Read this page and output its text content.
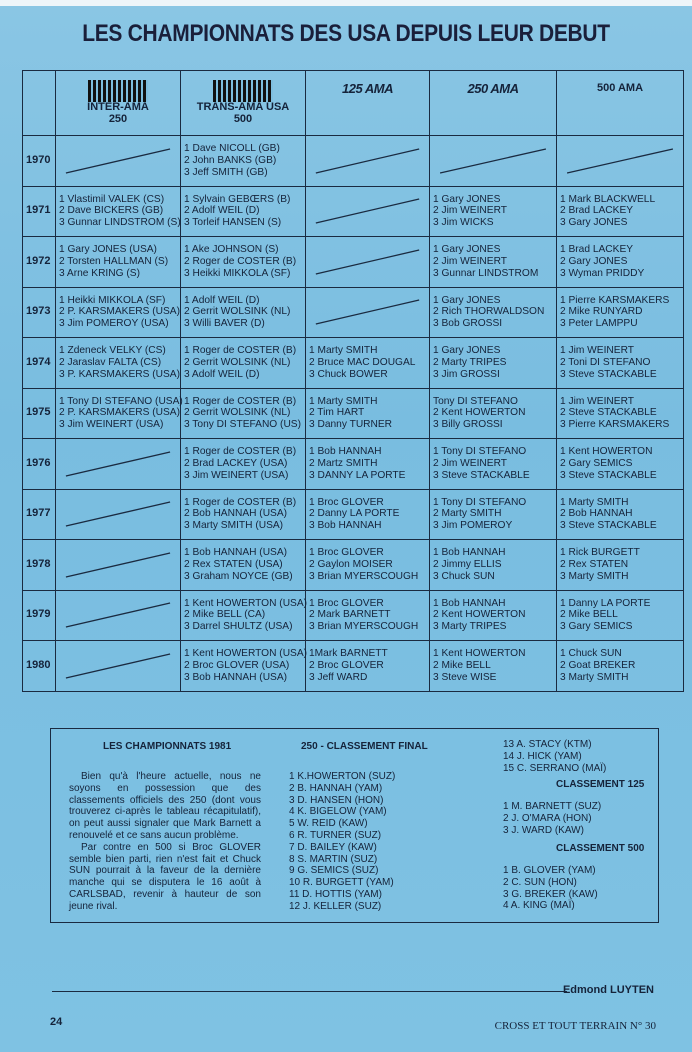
LES CHAMPIONNATS DES USA DEPUIS LEUR DEBUT

	INTER-AMA
250	TRANS-AMA USA
500	125 AMA	250 AMA	500 AMA

1970		1 Dave NICOLL (GB)
2 John BANKS (GB)
3 Jeff SMITH (GB)

1971	1 Vlastimil VALEK (CS)
2 Dave BICKERS (GB)
3 Gunnar LINDSTROM (S)	1 Sylvain GEBŒRS (B)
2 Adolf WEIL (D)
3 Torleif HANSEN (S)		1 Gary JONES
2 Jim WEINERT
3 Jim WICKS	1 Mark BLACKWELL
2 Brad LACKEY
3 Gary JONES

1972	1 Gary JONES (USA)
2 Torsten HALLMAN (S)
3 Arne KRING (S)	1 Ake JOHNSON (S)
2 Roger de COSTER (B)
3 Heikki MIKKOLA (SF)		1 Gary JONES
2 Jim WEINERT
3 Gunnar LINDSTROM	1 Brad LACKEY
2 Gary JONES
3 Wyman PRIDDY

1973	1 Heikki MIKKOLA (SF)
2 P. KARSMAKERS (USA)
3 Jim POMEROY (USA)	1 Adolf WEIL (D)
2 Gerrit WOLSINK (NL)
3 Willi BAVER (D)		1 Gary JONES
2 Rich THORWALDSON
3 Bob GROSSI	1 Pierre KARSMAKERS
2 Mike RUNYARD
3 Peter LAMPPU

1974	1 Zdeneck VELKY (CS)
2 Jaraslav FALTA (CS)
3 P. KARSMAKERS (USA)	1 Roger de COSTER (B)
2 Gerrit WOLSINK (NL)
3 Adolf WEIL (D)	1 Marty SMITH
2 Bruce MAC DOUGAL
3 Chuck BOWER	1 Gary JONES
2 Marty TRIPES
3 Jim GROSSI	1 Jim WEINERT
2 Toni DI STEFANO
3 Steve STACKABLE

1975	1 Tony DI STEFANO (USA)
2 P. KARSMAKERS (USA)
3 Jim WEINERT (USA)	1 Roger de COSTER (B)
2 Gerrit WOLSINK (NL)
3 Tony DI STEFANO (US)	1 Marty SMITH
2 Tim HART
3 Danny TURNER	Tony DI STEFANO
2 Kent HOWERTON
3 Billy GROSSI	1 Jim WEINERT
2 Steve STACKABLE
3 Pierre KARSMAKERS

1976		1 Roger de COSTER (B)
2 Brad LACKEY (USA)
3 Jim WEINERT (USA)	1 Bob HANNAH
2 Martz SMITH
3 DANNY LA PORTE	1 Tony DI STEFANO
2 Jim WEINERT
3 Steve STACKABLE	1 Kent HOWERTON
2 Gary SEMICS
3 Steve STACKABLE

1977		1 Roger de COSTER (B)
2 Bob HANNAH (USA)
3 Marty SMITH (USA)	1 Broc GLOVER
2 Danny LA PORTE
3 Bob HANNAH	1 Tony DI STEFANO
2 Marty SMITH
3 Jim POMEROY	1 Marty SMITH
2 Bob HANNAH
3 Steve STACKABLE

1978		1 Bob HANNAH (USA)
2 Rex STATEN (USA)
3 Graham NOYCE (GB)	1 Broc GLOVER
2 Gaylon MOISER
3 Brian MYERSCOUGH	1 Bob HANNAH
2 Jimmy ELLIS
3 Chuck SUN	1 Rick BURGETT
2 Rex STATEN
3 Marty SMITH

1979		1 Kent HOWERTON (USA)
2 Mike BELL (CA)
3 Darrel SHULTZ (USA)	1 Broc GLOVER
2 Mark BARNETT
3 Brian MYERSCOUGH	1 Bob HANNAH
2 Kent HOWERTON
3 Marty TRIPES	1 Danny LA PORTE
2 Mike BELL
3 Gary SEMICS

1980		1 Kent HOWERTON (USA)
2 Broc GLOVER (USA)
3 Bob HANNAH (USA)	1Mark BARNETT
2 Broc GLOVER
3 Jeff WARD	1 Kent HOWERTON
2 Mike BELL
3 Steve WISE	1 Chuck SUN
2 Goat BREKER
3 Marty SMITH
LES CHAMPIONNATS 1981	250 - CLASSEMENT FINAL

Bien qu'à l'heure actuelle, nous ne soyons en possession que des classements officiels des 250 (dont vous trouverez ci-après le tableau récapitulatif), on peut aussi signaler que Mark Barnett a renouvelé et ce sans aucun problème.

Par contre en 500 si Broc GLOVER semble bien parti, rien n'est fait et Chuck SUN pourrait à la faveur de la dernière manche qui se disputera le 16 août à CARLSBAD, revenir à hauteur de son jeune rival.

1 K.HOWERTON (SUZ)
2 B. HANNAH (YAM)
3 D. HANSEN (HON)
4 K. BIGELOW (YAM)
5 W. REID (KAW)
6 R. TURNER (SUZ)
7 D. BAILEY (KAW)
8 S. MARTIN (SUZ)
9 G. SEMICS (SUZ)
10 R. BURGETT (YAM)
11 D. HOTTIS (YAM)
12 J. KELLER (SUZ)
13 A. STACY (KTM)
14 J. HICK (YAM)
15 C. SERRANO (MAÏ)
CLASSEMENT 125
1 M. BARNETT (SUZ)
2 J. O'MARA (HON)
3 J. WARD (KAW)
CLASSEMENT 500
1 B. GLOVER (YAM)
2 C. SUN (HON)
3 G. BREKER (KAW)
4 A. KING (MAÏ)
Edmond LUYTEN
24	CROSS ET TOUT TERRAIN N° 30
